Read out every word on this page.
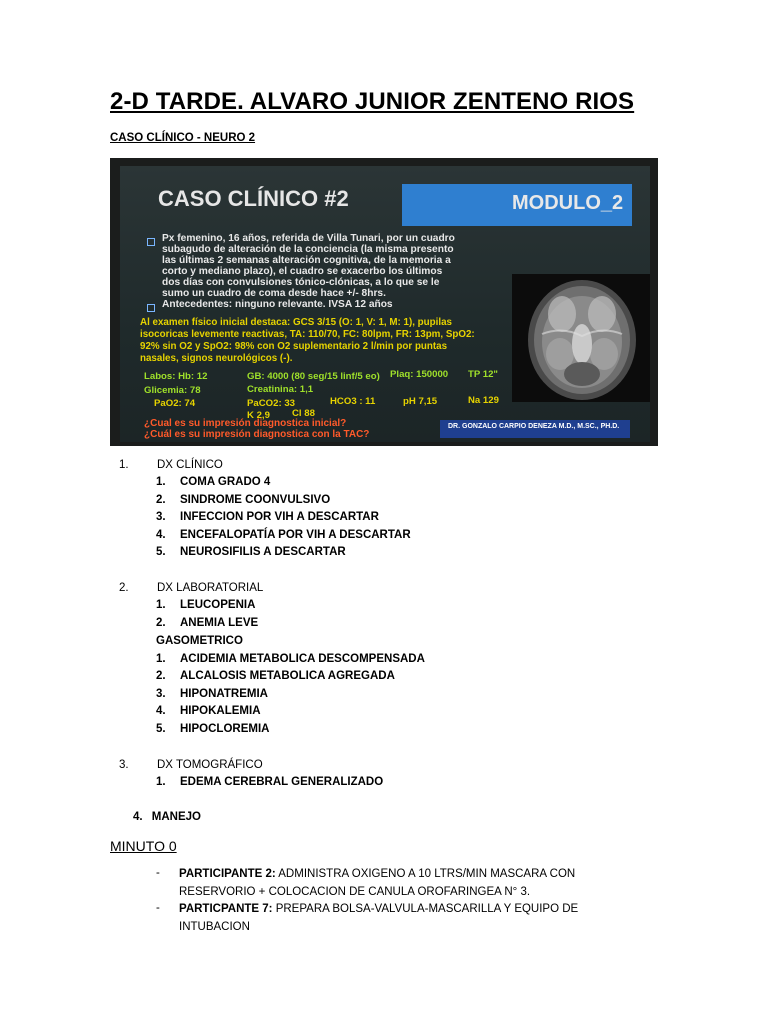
2-D TARDE. ALVARO JUNIOR ZENTENO RIOS
CASO CLÍNICO - NEURO 2
CASO CLÍNICO #2	MODULO_2
Px femenino, 16 años, referida de Villa Tunari, por un cuadro
subagudo de alteración de la conciencia (la misma presento
las últimas 2 semanas alteración cognitiva, de la memoria a
corto y mediano plazo), el cuadro se exacerbo los últimos
dos días con convulsiones tónico-clónicas, a lo que se le
sumo un cuadro de coma desde hace +/- 8hrs.
Antecedentes: ninguno relevante. IVSA 12 años
Al examen físico inicial destaca: GCS 3/15 (O: 1, V: 1, M: 1), pupilas
isocoricas levemente reactivas, TA: 110/70, FC: 80lpm, FR: 13pm, SpO2:
92% sin O2 y SpO2: 98% con O2 suplementario 2 l/min por puntas
nasales, signos neurológicos (-).
Labos: Hb: 12	GB: 4000 (80 seg/15 linf/5 eo) Plaq: 150000 TP 12"
Glicemia: 78	Creatinina: 1,1
PaO2: 74	PaCO2: 33	HCO3 : 11	pH 7,15	Na 129
K 2,9 Cl 88
¿Cual es su impresión diagnostica inicial?
¿Cuál es su impresión diagnostica con la TAC?
DR. GONZALO CARPIO DENEZA M.D., M.SC., PH.D.
1. DX CLÍNICO
1. COMA GRADO 4
2. SINDROME COONVULSIVO
3. INFECCION POR VIH A DESCARTAR
4. ENCEFALOPATÍA POR VIH A DESCARTAR
5. NEUROSIFILIS A DESCARTAR
2. DX LABORATORIAL
1. LEUCOPENIA
2. ANEMIA LEVE
GASOMETRICO
1. ACIDEMIA METABOLICA DESCOMPENSADA
2. ALCALOSIS METABOLICA AGREGADA
3. HIPONATREMIA
4. HIPOKALEMIA
5. HIPOCLOREMIA
3. DX TOMOGRÁFICO
1. EDEMA CEREBRAL GENERALIZADO
4. MANEJO
MINUTO 0
- PARTICIPANTE 2: ADMINISTRA OXIGENO A 10 LTRS/MIN MASCARA CON RESERVORIO + COLOCACION DE CANULA OROFARINGEA N° 3.
- PARTICPANTE 7: PREPARA BOLSA-VALVULA-MASCARILLA Y EQUIPO DE INTUBACION
